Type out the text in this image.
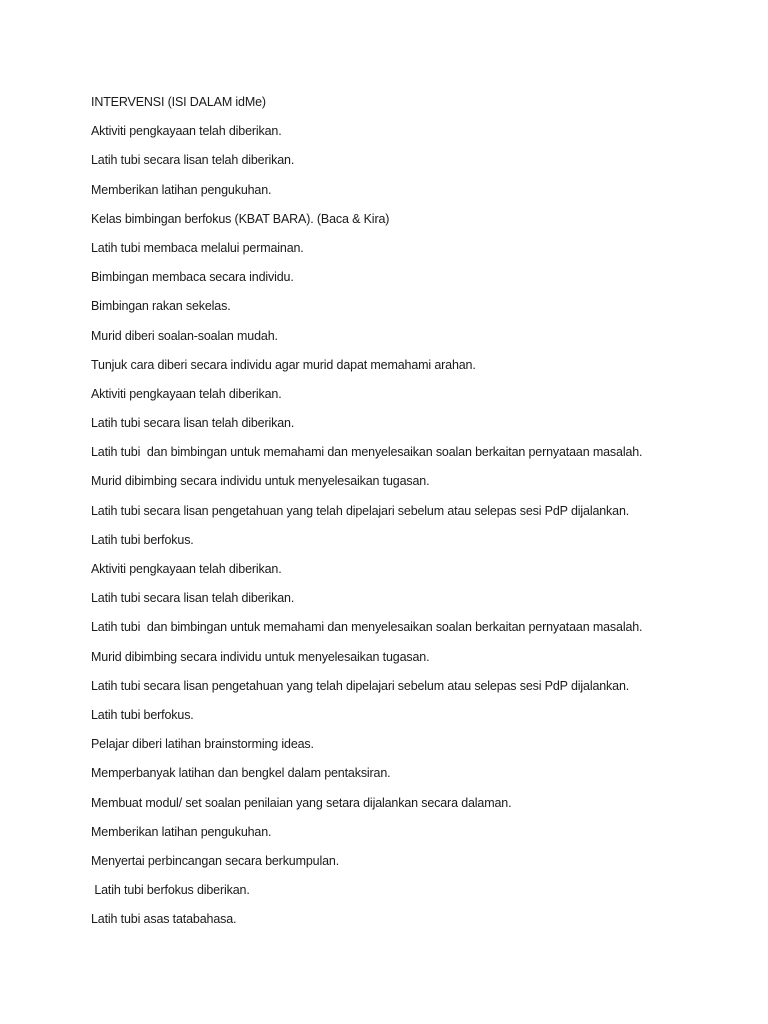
INTERVENSI (ISI DALAM idMe)
Aktiviti pengkayaan telah diberikan.
Latih tubi secara lisan telah diberikan.
Memberikan latihan pengukuhan.
Kelas bimbingan berfokus (KBAT BARA). (Baca & Kira)
Latih tubi membaca melalui permainan.
Bimbingan membaca secara individu.
Bimbingan rakan sekelas.
Murid diberi soalan-soalan mudah.
Tunjuk cara diberi secara individu agar murid dapat memahami arahan.
Aktiviti pengkayaan telah diberikan.
Latih tubi secara lisan telah diberikan.
Latih tubi  dan bimbingan untuk memahami dan menyelesaikan soalan berkaitan pernyataan masalah.
Murid dibimbing secara individu untuk menyelesaikan tugasan.
Latih tubi secara lisan pengetahuan yang telah dipelajari sebelum atau selepas sesi PdP dijalankan.
Latih tubi berfokus.
Aktiviti pengkayaan telah diberikan.
Latih tubi secara lisan telah diberikan.
Latih tubi  dan bimbingan untuk memahami dan menyelesaikan soalan berkaitan pernyataan masalah.
Murid dibimbing secara individu untuk menyelesaikan tugasan.
Latih tubi secara lisan pengetahuan yang telah dipelajari sebelum atau selepas sesi PdP dijalankan.
Latih tubi berfokus.
Pelajar diberi latihan brainstorming ideas.
Memperbanyak latihan dan bengkel dalam pentaksiran.
Membuat modul/ set soalan penilaian yang setara dijalankan secara dalaman.
Memberikan latihan pengukuhan.
Menyertai perbincangan secara berkumpulan.
Latih tubi berfokus diberikan.
Latih tubi asas tatabahasa.
